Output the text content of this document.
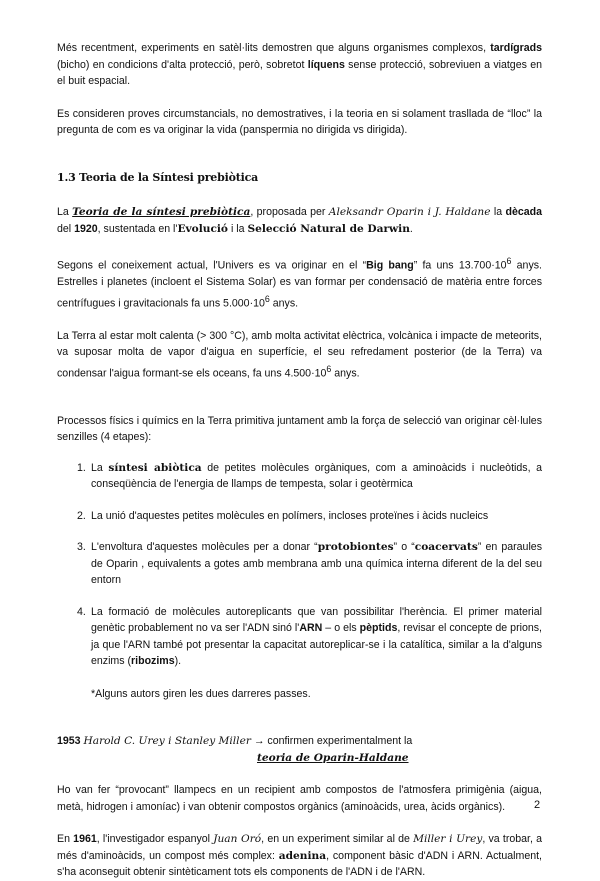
Més recentment, experiments en satèl·lits demostren que alguns organismes complexos, tardígrads (bicho) en condicions d'alta protecció, però, sobretot líquens sense protecció, sobreviuen a viatges en el buit espacial.

Es consideren proves circumstancials, no demostratives, i la teoria en si solament trasllada de “lloc” la pregunta de com es va originar la vida (panspermia no dirigida vs dirigida).

1.3 Teoria de la Síntesi prebiòtica

La Teoria de la síntesi prebiòtica, proposada per Aleksandr Oparin i J. Haldane la dècada del 1920, sustentada en l'Evolució i la Selecció Natural de Darwin.

Segons el coneixement actual, l'Univers es va originar en el “Big bang” fa uns $13.700\cdot 10^6$ anys. Estrelles i planetes (incloent el Sistema Solar) es van formar per condensació de matèria entre forces centrífugues i gravitacionals fa uns $5.000\cdot 10^6$ anys.

La Terra al estar molt calenta (> 300 °C), amb molta activitat elèctrica, volcànica i impacte de meteorits, va suposar molta de vapor d'aigua en superfície, el seu refredament posterior (de la Terra) va condensar l'aigua formant-se els oceans, fa uns $4.500\cdot 10^6$ anys.

Processos físics i químics en la Terra primitiva juntament amb la força de selecció van originar cèl·lules senzilles (4 etapes):

1. La síntesi abiòtica de petites molècules orgàniques, com a aminoàcids i nucleòtids, a conseqüència de l'energia de llamps de tempesta, solar i geotèrmica
2. La unió d'aquestes petites molècules en polímers, incloses proteïnes i àcids nucleics
3. L'envoltura d'aquestes molècules per a donar “protobiontes” o “coacervats” en paraules de Oparin , equivalents a gotes amb membrana amb una química interna diferent de la del seu entorn
4. La formació de molècules autoreplicants que van possibilitar l'herència. El primer material genètic probablement no va ser l'ADN sinó l'ARN – o els pèptids, revisar el concepte de prions, ja que l'ARN també pot presentar la capacitat autoreplicar-se i la catalítica, similar a la d'alguns enzims (ribozims).

*Alguns autors giren les dues darreres passes.

1953 Harold C. Urey i Stanley Miller → confirmen experimentalment la

teoria de Oparin-Haldane

Ho van fer “provocant” llampecs en un recipient amb compostos de l'atmosfera primigènia (aigua, metà, hidrogen i amoníac) i van obtenir compostos orgànics (aminoàcids, urea, àcids orgànics).

En 1961, l'investigador espanyol Juan Oró, en un experiment similar al de Miller i Urey, va trobar, a més d'aminoàcids, un compost més complex: adenina, component bàsic d'ADN i ARN. Actualment, s'ha aconseguit obtenir sintèticament tots els components de l'ADN i de l'ARN.

2
